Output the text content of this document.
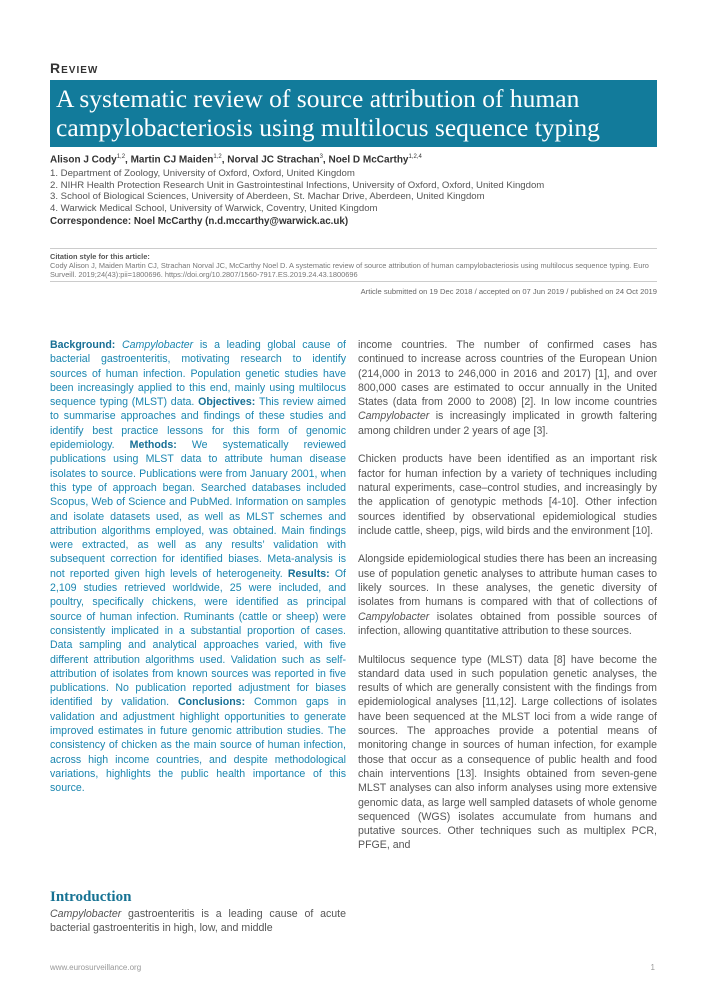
Review
A systematic review of source attribution of human campylobacteriosis using multilocus sequence typing
Alison J Cody$^{1,2}$, Martin CJ Maiden$^{1,2}$, Norval JC Strachan$^3$, Noel D McCarthy$^{1,2,4}$
1. Department of Zoology, University of Oxford, Oxford, United Kingdom
2. NIHR Health Protection Research Unit in Gastrointestinal Infections, University of Oxford, Oxford, United Kingdom
3. School of Biological Sciences, University of Aberdeen, St. Machar Drive, Aberdeen, United Kingdom
4. Warwick Medical School, University of Warwick, Coventry, United Kingdom
Correspondence: Noel McCarthy (n.d.mccarthy@warwick.ac.uk)
Citation style for this article:
Cody Alison J, Maiden Martin CJ, Strachan Norval JC, McCarthy Noel D. A systematic review of source attribution of human campylobacteriosis using multilocus sequence typing. Euro Surveill. 2019;24(43):pii=1800696. https://doi.org/10.2807/1560-7917.ES.2019.24.43.1800696
Article submitted on 19 Dec 2018 / accepted on 07 Jun 2019 / published on 24 Oct 2019
Background: Campylobacter is a leading global cause of bacterial gastroenteritis, motivating research to identify sources of human infection. Population genetic studies have been increasingly applied to this end, mainly using multilocus sequence typing (MLST) data. Objectives: This review aimed to summarise approaches and findings of these studies and identify best practice lessons for this form of genomic epidemiology. Methods: We systematically reviewed publications using MLST data to attribute human disease isolates to source. Publications were from January 2001, when this type of approach began. Searched databases included Scopus, Web of Science and PubMed. Information on samples and isolate datasets used, as well as MLST schemes and attribution algorithms employed, was obtained. Main findings were extracted, as well as any results’ validation with subsequent correction for identified biases. Meta-analysis is not reported given high levels of heterogeneity. Results: Of 2,109 studies retrieved worldwide, 25 were included, and poultry, specifically chickens, were identified as principal source of human infection. Ruminants (cattle or sheep) were consistently implicated in a substantial proportion of cases. Data sampling and analytical approaches varied, with five different attribution algorithms used. Validation such as self-attribution of isolates from known sources was reported in five publications. No publication reported adjustment for biases identified by validation. Conclusions: Common gaps in validation and adjustment highlight opportunities to generate improved estimates in future genomic attribution studies. The consistency of chicken as the main source of human infection, across high income countries, and despite methodological variations, highlights the public health importance of this source.
Introduction
Campylobacter gastroenteritis is a leading cause of acute bacterial gastroenteritis in high, low, and middle

income countries. The number of confirmed cases has continued to increase across countries of the European Union (214,000 in 2013 to 246,000 in 2016 and 2017) [1], and over 800,000 cases are estimated to occur annually in the United States (data from 2000 to 2008) [2]. In low income countries Campylobacter is increasingly implicated in growth faltering among children under 2 years of age [3].

Chicken products have been identified as an important risk factor for human infection by a variety of techniques including natural experiments, case–control studies, and increasingly by the application of genotypic methods [4-10]. Other infection sources identified by observational epidemiological studies include cattle, sheep, pigs, wild birds and the environment [10].

Alongside epidemiological studies there has been an increasing use of population genetic analyses to attribute human cases to likely sources. In these analyses, the genetic diversity of isolates from humans is compared with that of collections of Campylobacter isolates obtained from possible sources of infection, allowing quantitative attribution to these sources.

Multilocus sequence type (MLST) data [8] have become the standard data used in such population genetic analyses, the results of which are generally consistent with the findings from epidemiological analyses [11,12]. Large collections of isolates have been sequenced at the MLST loci from a wide range of sources. The approaches provide a potential means of monitoring change in sources of human infection, for example those that occur as a consequence of public health and food chain interventions [13]. Insights obtained from seven-gene MLST analyses can also inform analyses using more extensive genomic data, as large well sampled datasets of whole genome sequenced (WGS) isolates accumulate from humans and putative sources. Other techniques such as multiplex PCR, PFGE, and

www.eurosurveillance.org	1
